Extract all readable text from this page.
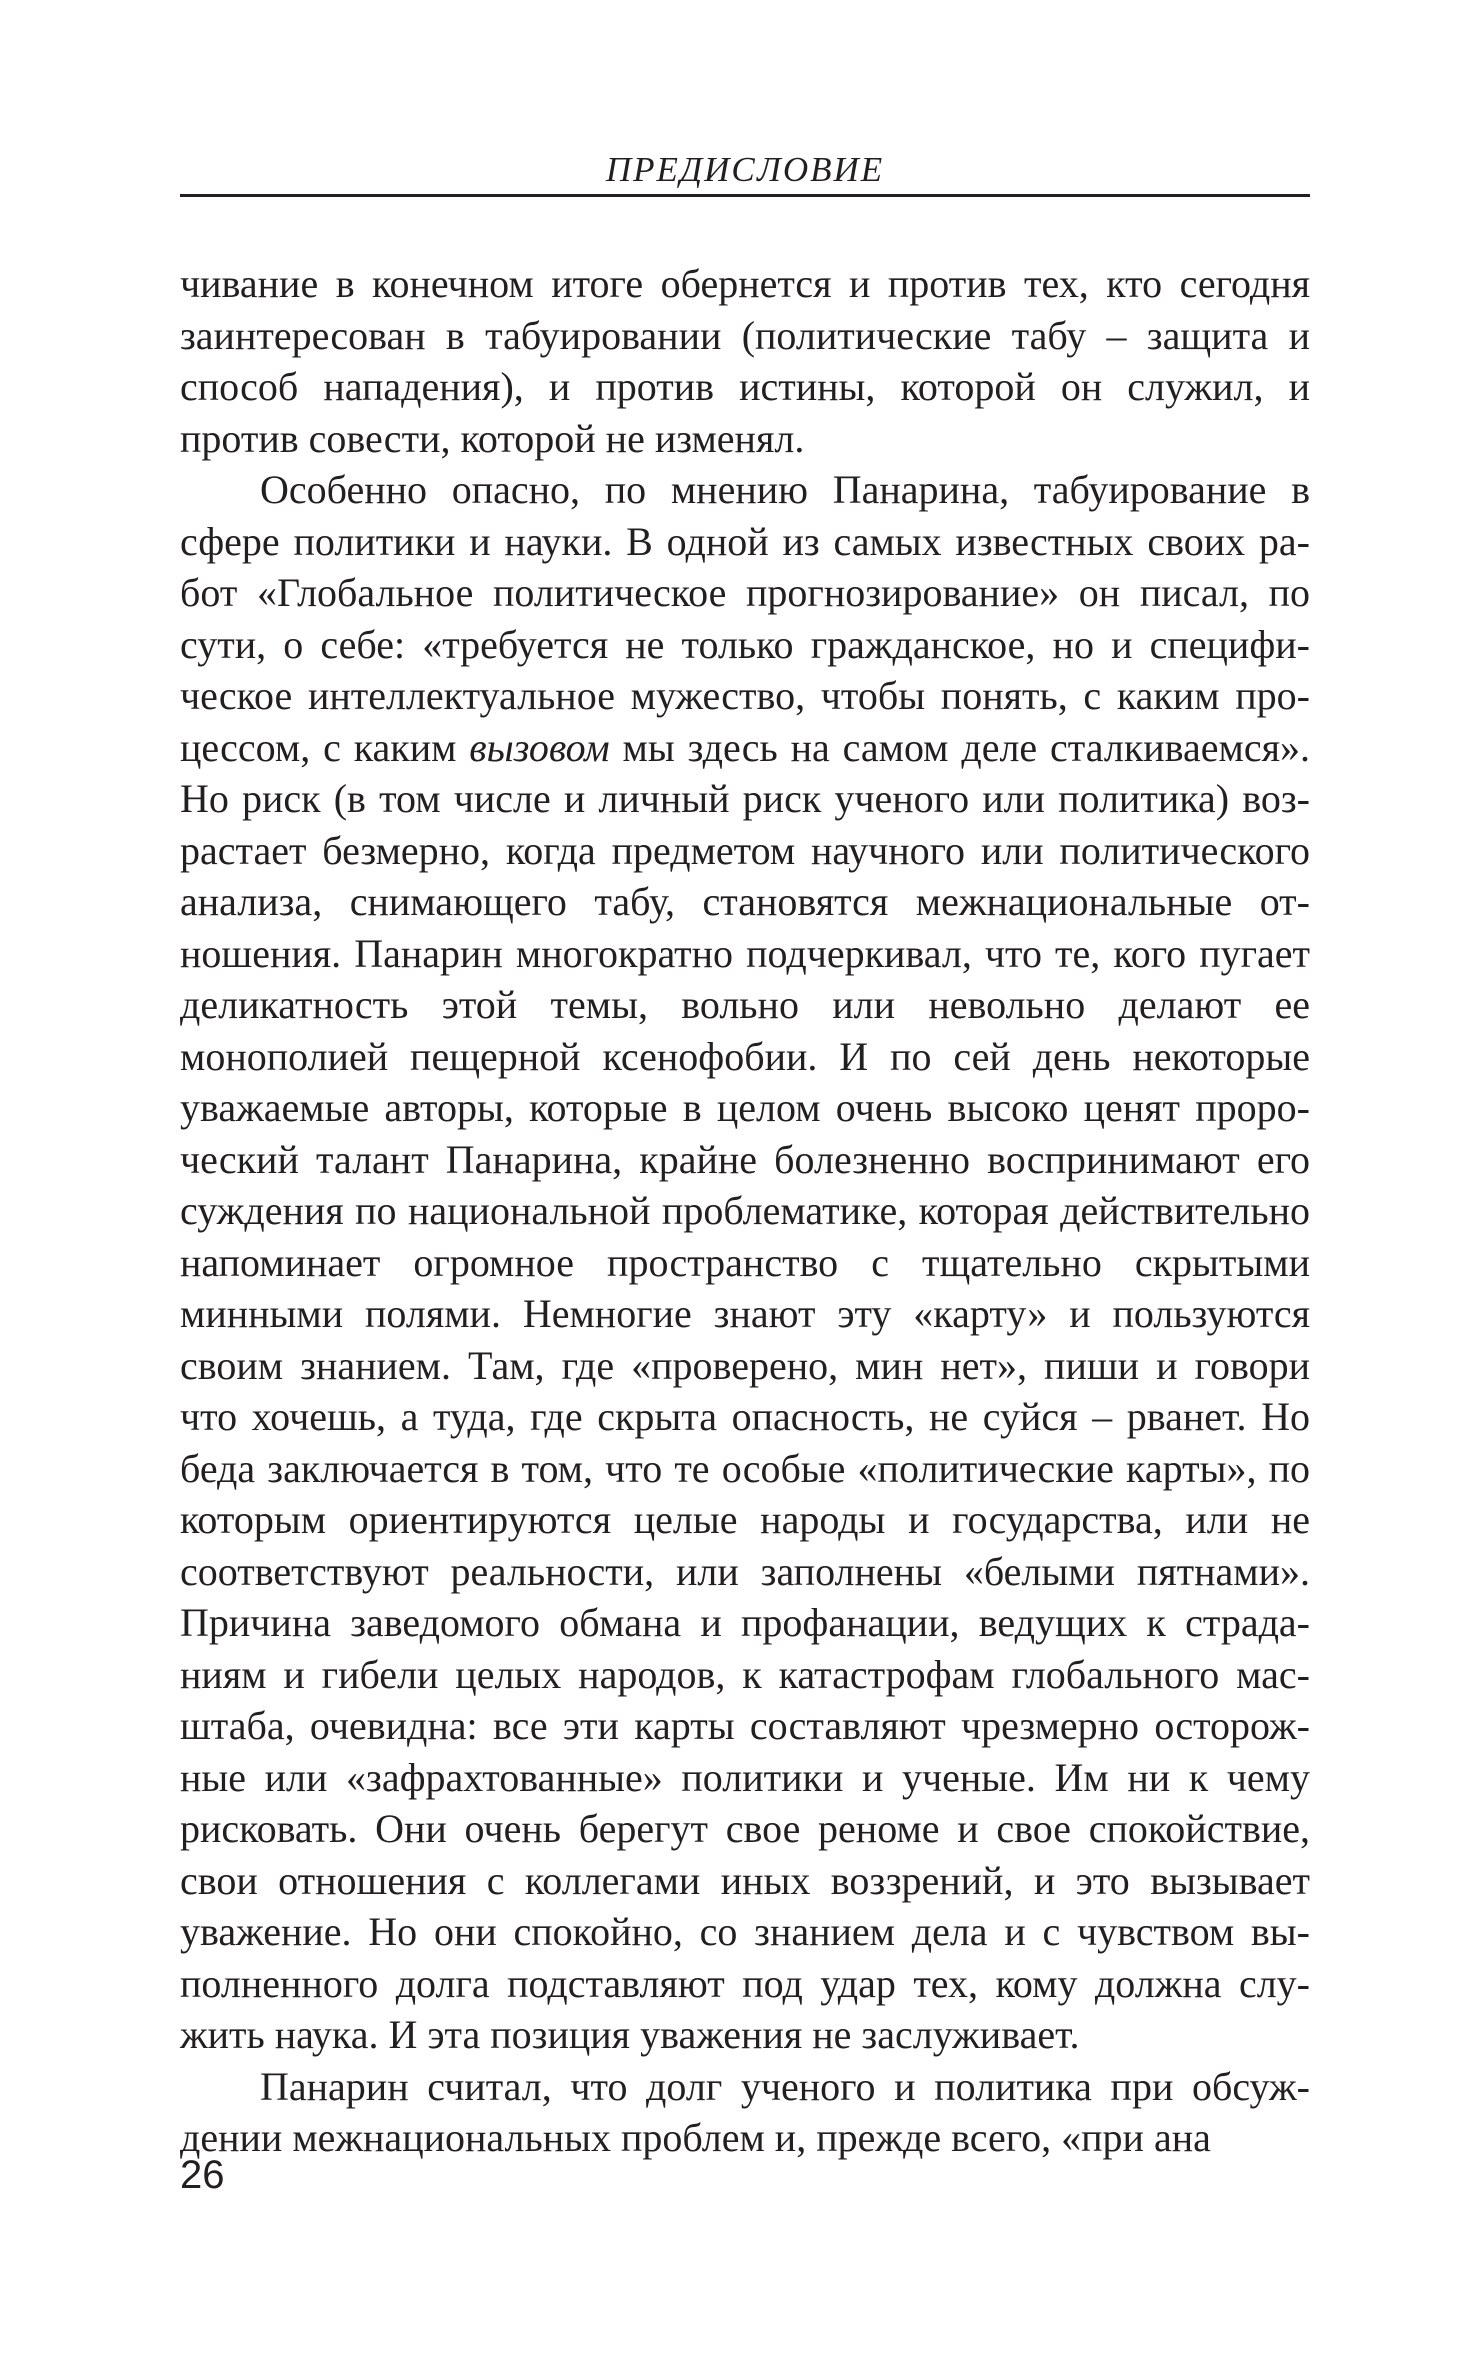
ПРЕДИСЛОВИЕ

чивание в конечном итоге обернется и против тех, кто сегодня заинтересован в табуировании (политические табу – защита и способ нападения), и против истины, которой он служил, и против совести, которой не изменял.

Особенно опасно, по мнению Панарина, табуирование в сфере политики и науки. В одной из самых известных своих работ «Глобальное политическое прогнозирование» он писал, по сути, о себе: «требуется не только гражданское, но и специфическое интеллектуальное мужество, чтобы понять, с каким процессом, с каким вызовом мы здесь на самом деле сталкиваемся». Но риск (в том числе и личный риск ученого или политика) возрастает безмерно, когда предметом научного или политического анализа, снимающего табу, становятся межнациональные отношения. Панарин многократно подчеркивал, что те, кого пугает деликатность этой темы, вольно или невольно делают ее монополией пещерной ксенофобии. И по сей день некоторые уважаемые авторы, которые в целом очень высоко ценят пророческий талант Панарина, крайне болезненно воспринимают его суждения по национальной проблематике, которая действительно напоминает огромное пространство с тщательно скрытыми минными полями. Немногие знают эту «карту» и пользуются своим знанием. Там, где «проверено, мин нет», пиши и говори что хочешь, а туда, где скрыта опасность, не суйся – рванет. Но беда заключается в том, что те особые «политические карты», по которым ориентируются целые народы и государства, или не соответствуют реальности, или заполнены «белыми пятнами». Причина заведомого обмана и профанации, ведущих к страданиям и гибели целых народов, к катастрофам глобального масштаба, очевидна: все эти карты составляют чрезмерно осторожные или «зафрахтованные» политики и ученые. Им ни к чему рисковать. Они очень берегут свое реноме и свое спокойствие, свои отношения с коллегами иных воззрений, и это вызывает уважение. Но они спокойно, со знанием дела и с чувством выполненного долга подставляют под удар тех, кому должна служить наука. И эта позиция уважения не заслуживает.

Панарин считал, что долг ученого и политика при обсуждении межнациональных проблем и, прежде всего, «при ана

26
